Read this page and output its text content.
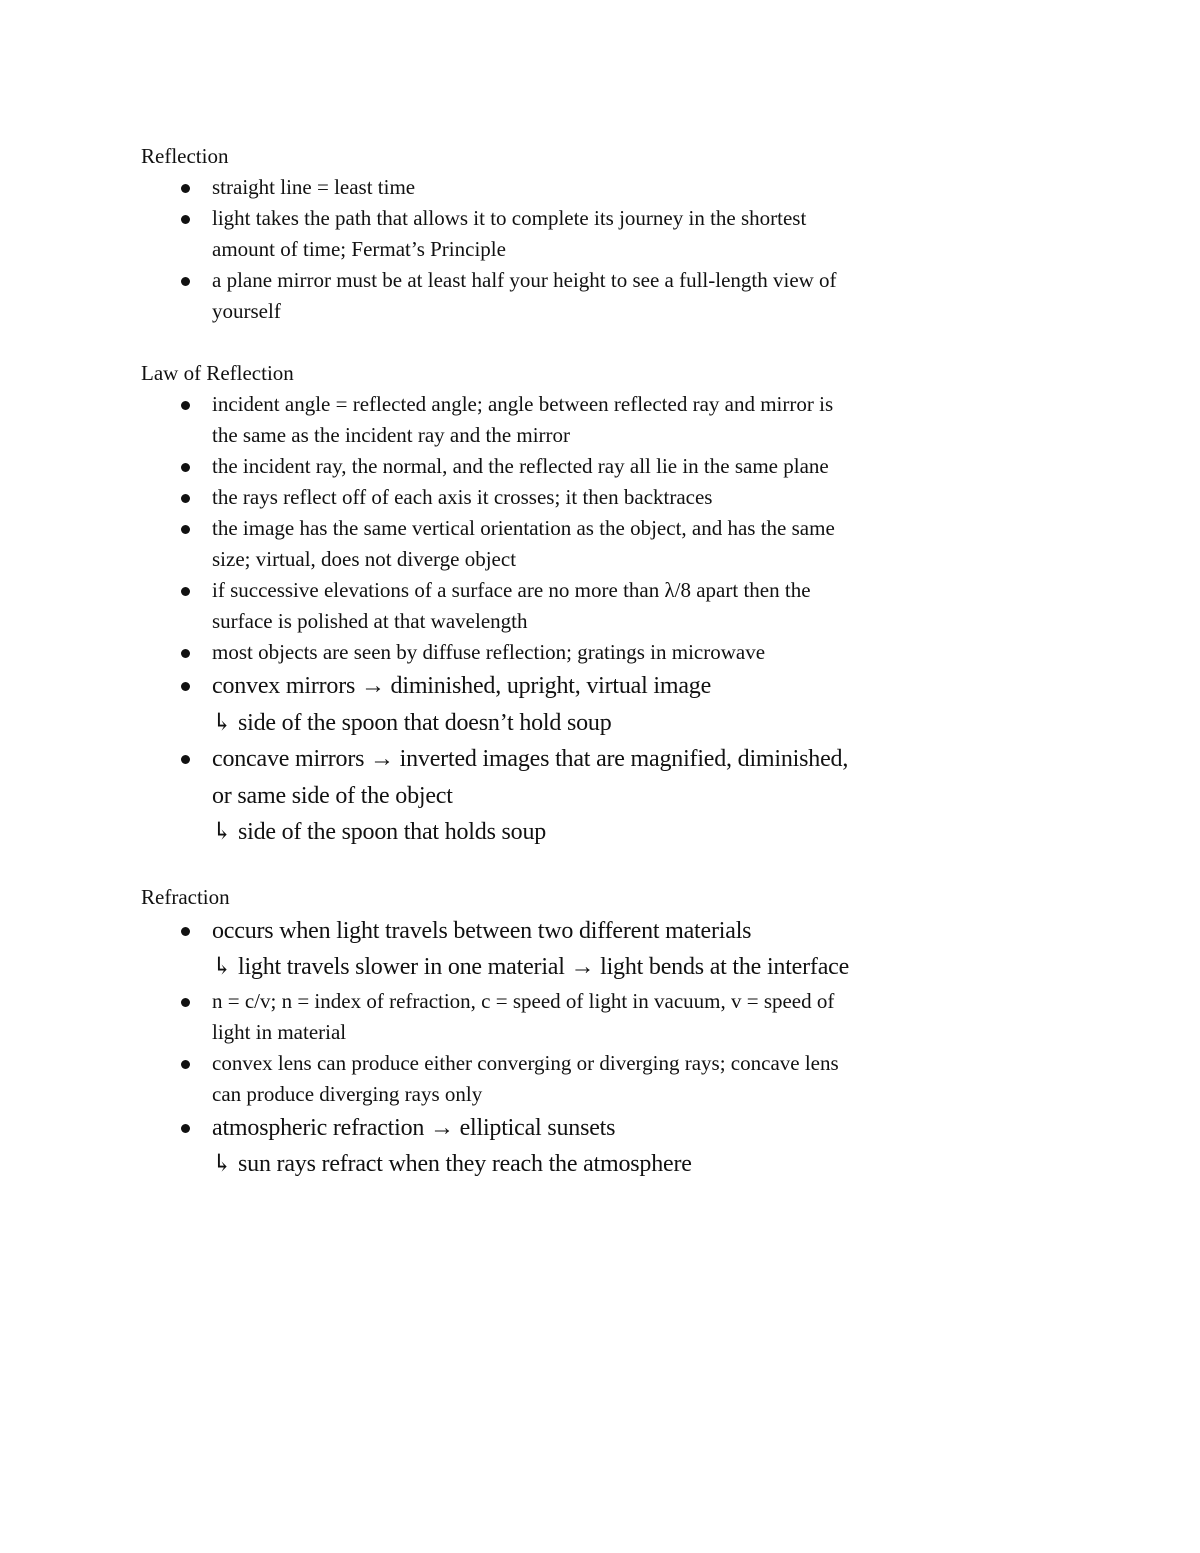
Reflection
straight line = least time
light takes the path that allows it to complete its journey in the shortest amount of time; Fermat’s Principle
a plane mirror must be at least half your height to see a full-length view of yourself
Law of Reflection
incident angle = reflected angle; angle between reflected ray and mirror is the same as the incident ray and the mirror
the incident ray, the normal, and the reflected ray all lie in the same plane
the rays reflect off of each axis it crosses; it then backtraces
the image has the same vertical orientation as the object, and has the same size; virtual, does not diverge object
if successive elevations of a surface are no more than λ/8 apart then the surface is polished at that wavelength
most objects are seen by diffuse reflection; gratings in microwave
convex mirrors → diminished, upright, virtual image
↳ side of the spoon that doesn’t hold soup
concave mirrors → inverted images that are magnified, diminished, or same side of the object
↳ side of the spoon that holds soup
Refraction
occurs when light travels between two different materials
↳ light travels slower in one material → light bends at the interface
n = c/v; n = index of refraction, c = speed of light in vacuum, v = speed of light in material
convex lens can produce either converging or diverging rays; concave lens can produce diverging rays only
atmospheric refraction → elliptical sunsets
↳ sun rays refract when they reach the atmosphere
